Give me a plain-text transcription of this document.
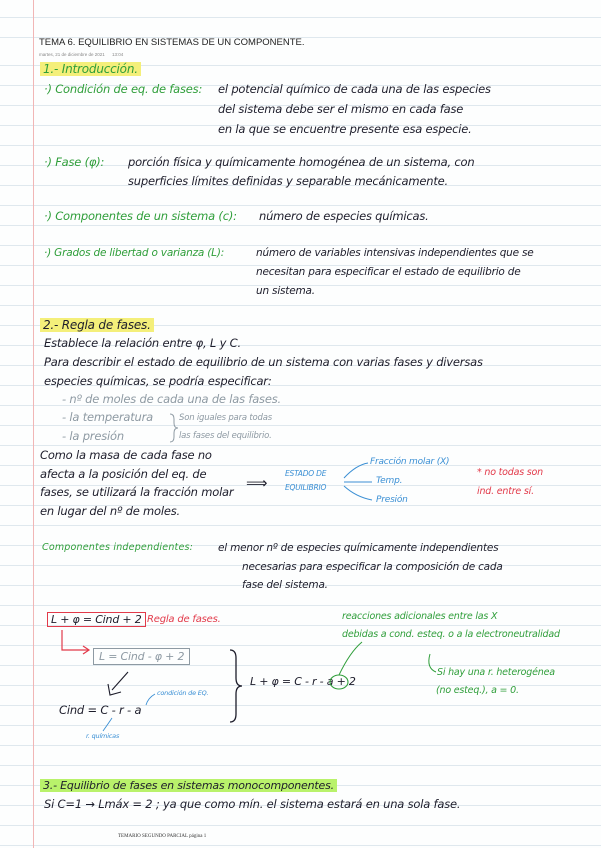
TEMA 6. EQUILIBRIO EN SISTEMAS DE UN COMPONENTE.
martes, 21 de diciembre de 2021 13:04
1.- Introducción.
·) Condición de eq. de fases: el potencial químico de cada una de las especies
del sistema debe ser el mismo en cada fase
en la que se encuentre presente esa especie.
·) Fase (φ): porción física y químicamente homogénea de un sistema, con
superficies límites definidas y separable mecánicamente.
·) Componentes de un sistema (c): número de especies químicas.
·) Grados de libertad o varianza (L):	número de variables intensivas independientes que se
necesitan para especificar el estado de equilibrio de
un sistema.
2.- Regla de fases.
Establece la relación entre φ, L y C.
Para describir el estado de equilibrio de un sistema con varias fases y diversas
especies químicas, se podría especificar:
- nº de moles de cada una de las fases.
- la temperatura
- la presión
Son iguales para todas
las fases del equilibrio.
Como la masa de cada fase no
afecta a la posición del eq. de
fases, se utilizará la fracción molar
en lugar del nº de moles.
⟹
ESTADO DE
EQUILIBRIO
Fracción molar (X)
Temp.
Presión
* no todas son
ind. entre sí.
Componentes independientes: el menor nº de especies químicamente independientes
necesarias para especificar la composición de cada
fase del sistema.
L + φ = Cind + 2 Regla de fases.	reacciones adicionales entre las X
debidas a cond. esteq. o a la electroneutralidad
L = Cind - φ + 2
condición de EQ.
Cind = C - r - a
r. químicas
L + φ = C - r - a + 2
Si hay una r. heterogénea
(no esteq.), a = 0.
3.- Equilibrio de fases en sistemas monocomponentes.
Si C=1 → Lmáx = 2 ; ya que como mín. el sistema estará en una sola fase.
TEMARIO SEGUNDO PARCIAL página 1
